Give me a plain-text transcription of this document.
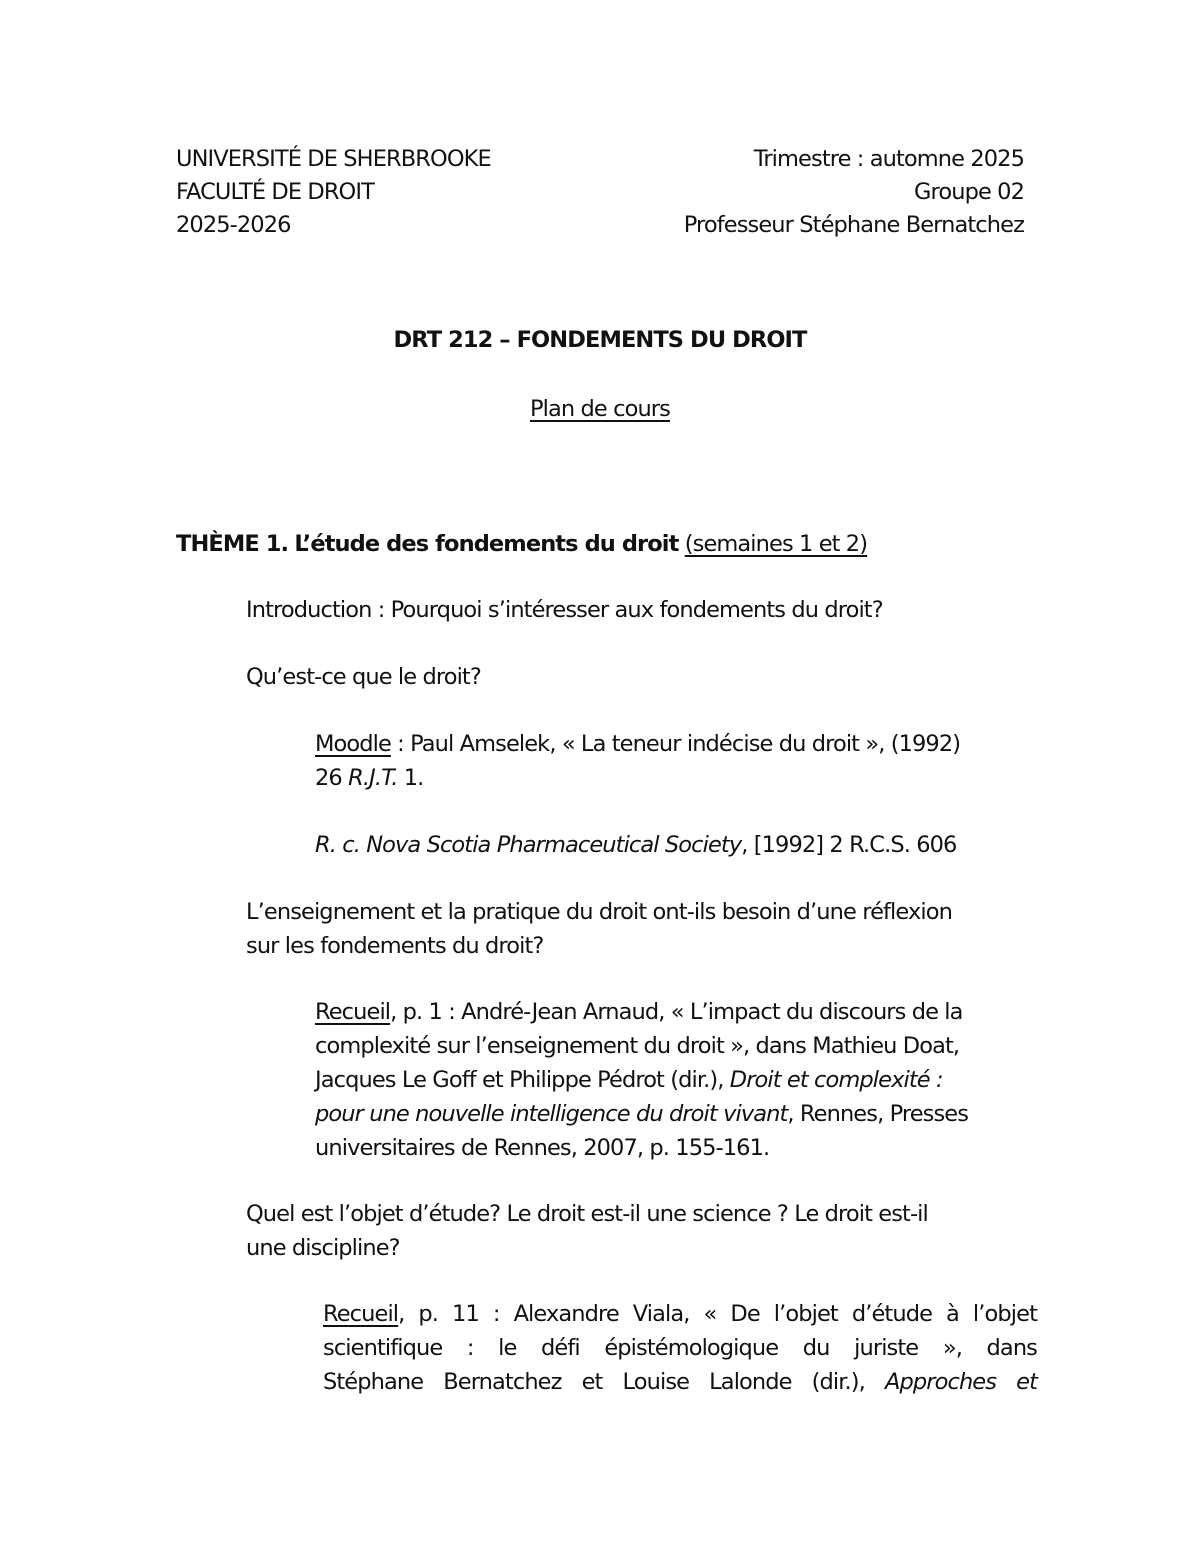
UNIVERSITÉ DE SHERBROOKE
FACULTÉ DE DROIT
2025-2026
Trimestre : automne 2025
Groupe 02
Professeur Stéphane Bernatchez
DRT 212 – FONDEMENTS DU DROIT
Plan de cours
THÈME 1. L’étude des fondements du droit (semaines 1 et 2)
Introduction : Pourquoi s’intéresser aux fondements du droit?
Qu’est-ce que le droit?
Moodle : Paul Amselek, « La teneur indécise du droit », (1992)
26 R.J.T. 1.
R. c. Nova Scotia Pharmaceutical Society, [1992] 2 R.C.S. 606
L’enseignement et la pratique du droit ont-ils besoin d’une réflexion
sur les fondements du droit?
Recueil, p. 1 : André-Jean Arnaud, « L’impact du discours de la
complexité sur l’enseignement du droit », dans Mathieu Doat,
Jacques Le Goff et Philippe Pédrot (dir.), Droit et complexité :
pour une nouvelle intelligence du droit vivant, Rennes, Presses
universitaires de Rennes, 2007, p. 155-161.
Quel est l’objet d’étude? Le droit est-il une science ? Le droit est-il
une discipline?
Recueil, p. 11 : Alexandre Viala, « De l’objet d’étude à l’objet
scientifique : le défi épistémologique du juriste », dans
Stéphane Bernatchez et Louise Lalonde (dir.), Approches et
